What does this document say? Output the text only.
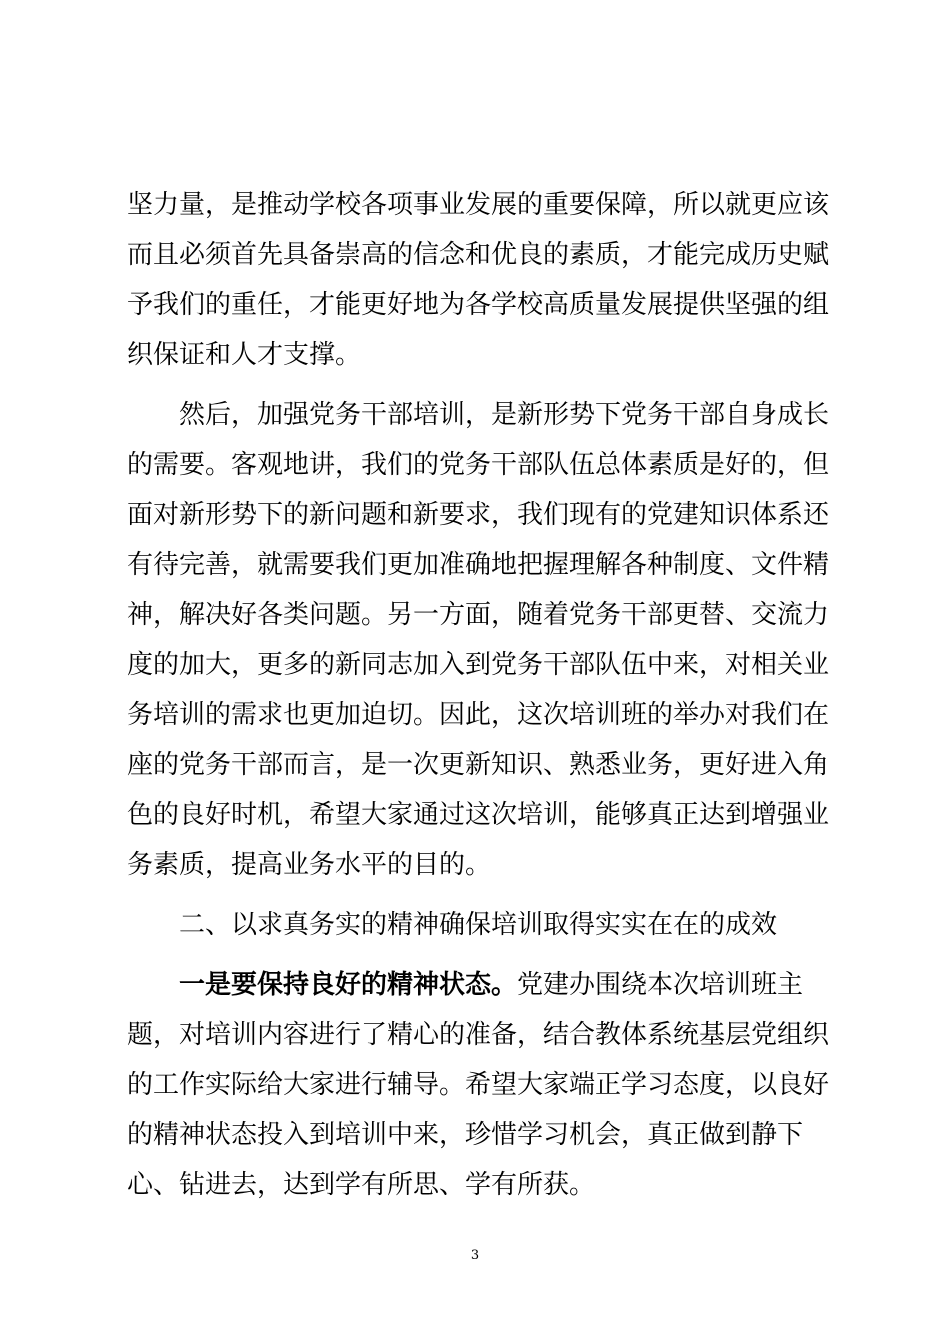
坚力量，是推动学校各项事业发展的重要保障，所以就更应该
而且必须首先具备崇高的信念和优良的素质，才能完成历史赋
予我们的重任，才能更好地为各学校高质量发展提供坚强的组
织保证和人才支撑。
　　然后，加强党务干部培训，是新形势下党务干部自身成长
的需要。客观地讲，我们的党务干部队伍总体素质是好的，但
面对新形势下的新问题和新要求，我们现有的党建知识体系还
有待完善，就需要我们更加准确地把握理解各种制度、文件精
神，解决好各类问题。另一方面，随着党务干部更替、交流力
度的加大，更多的新同志加入到党务干部队伍中来，对相关业
务培训的需求也更加迫切。因此，这次培训班的举办对我们在
座的党务干部而言，是一次更新知识、熟悉业务，更好进入角
色的良好时机，希望大家通过这次培训，能够真正达到增强业
务素质，提高业务水平的目的。
　　二、以求真务实的精神确保培训取得实实在在的成效
　　一是要保持良好的精神状态。党建办围绕本次培训班主
题，对培训内容进行了精心的准备，结合教体系统基层党组织
的工作实际给大家进行辅导。希望大家端正学习态度，以良好
的精神状态投入到培训中来，珍惜学习机会，真正做到静下
心、钻进去，达到学有所思、学有所获。
3
